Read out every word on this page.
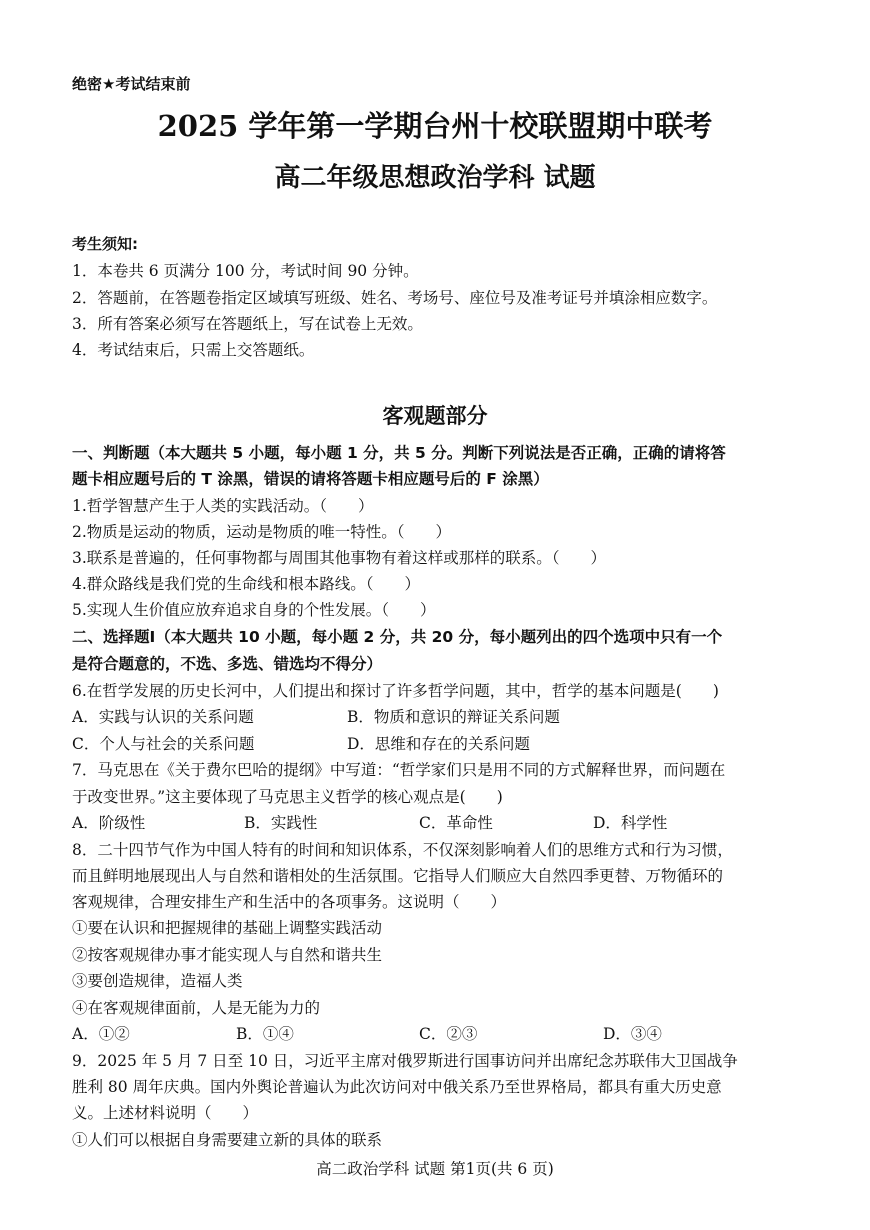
绝密★考试结束前
2025 学年第一学期台州十校联盟期中联考
高二年级思想政治学科 试题
考生须知:
1．本卷共 6 页满分 100 分，考试时间 90 分钟。
2．答题前，在答题卷指定区域填写班级、姓名、考场号、座位号及准考证号并填涂相应数字。
3．所有答案必须写在答题纸上，写在试卷上无效。
4．考试结束后，只需上交答题纸。
客观题部分
一、判断题（本大题共 5 小题，每小题 1 分，共 5 分。判断下列说法是否正确，正确的请将答
题卡相应题号后的 T 涂黑，错误的请将答题卡相应题号后的 F 涂黑）
1.哲学智慧产生于人类的实践活动。（　　）
2.物质是运动的物质，运动是物质的唯一特性。（　　）
3.联系是普遍的，任何事物都与周围其他事物有着这样或那样的联系。（　　）
4.群众路线是我们党的生命线和根本路线。（　　）
5.实现人生价值应放弃追求自身的个性发展。（　　）
二、选择题Ⅰ（本大题共 10 小题，每小题 2 分，共 20 分，每小题列出的四个选项中只有一个
是符合题意的，不选、多选、错选均不得分）
6.在哲学发展的历史长河中，人们提出和探讨了许多哲学问题，其中，哲学的基本问题是(　　)
A．实践与认识的关系问题	B．物质和意识的辩证关系问题
C．个人与社会的关系问题	D．思维和存在的关系问题
7．马克思在《关于费尔巴哈的提纲》中写道：“哲学家们只是用不同的方式解释世界，而问题在
于改变世界。”这主要体现了马克思主义哲学的核心观点是(　　)
A．阶级性	B．实践性	C．革命性	D．科学性
8．二十四节气作为中国人特有的时间和知识体系，不仅深刻影响着人们的思维方式和行为习惯，
而且鲜明地展现出人与自然和谐相处的生活氛围。它指导人们顺应大自然四季更替、万物循环的
客观规律，合理安排生产和生活中的各项事务。这说明（　　）
①要在认识和把握规律的基础上调整实践活动
②按客观规律办事才能实现人与自然和谐共生
③要创造规律，造福人类
④在客观规律面前，人是无能为力的
A．①②	B．①④	C．②③	D．③④
9．2025 年 5 月 7 日至 10 日，习近平主席对俄罗斯进行国事访问并出席纪念苏联伟大卫国战争
胜利 80 周年庆典。国内外舆论普遍认为此次访问对中俄关系乃至世界格局，都具有重大历史意
义。上述材料说明（　　）
①人们可以根据自身需要建立新的具体的联系
高二政治学科 试题 第1页(共 6 页)
